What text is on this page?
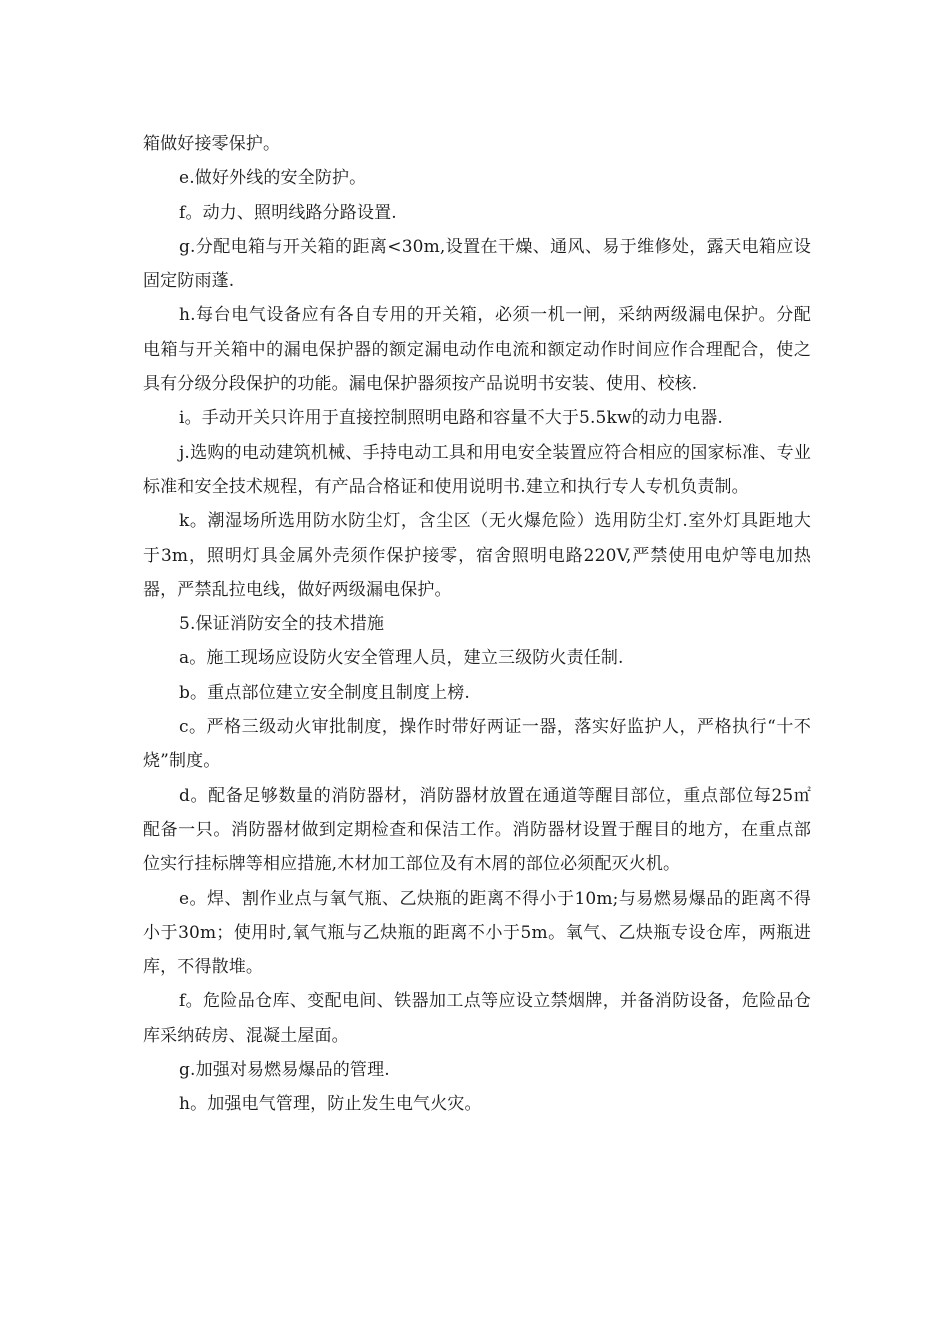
箱做好接零保护。

e.做好外线的安全防护。

f。动力、照明线路分路设置.

g.分配电箱与开关箱的距离<30m,设置在干燥、通风、易于维修处，露天电箱应设固定防雨蓬.

h.每台电气设备应有各自专用的开关箱，必须一机一闸，采纳两级漏电保护。分配电箱与开关箱中的漏电保护器的额定漏电动作电流和额定动作时间应作合理配合，使之具有分级分段保护的功能。漏电保护器须按产品说明书安装、使用、校核.

i。手动开关只许用于直接控制照明电路和容量不大于5.5kw的动力电器.

j.选购的电动建筑机械、手持电动工具和用电安全装置应符合相应的国家标准、专业标准和安全技术规程，有产品合格证和使用说明书.建立和执行专人专机负责制。

k。潮湿场所选用防水防尘灯，含尘区（无火爆危险）选用防尘灯.室外灯具距地大于3m，照明灯具金属外壳须作保护接零，宿舍照明电路220V,严禁使用电炉等电加热器，严禁乱拉电线，做好两级漏电保护。

5.保证消防安全的技术措施

a。施工现场应设防火安全管理人员，建立三级防火责任制.

b。重点部位建立安全制度且制度上榜.

c。严格三级动火审批制度，操作时带好两证一器，落实好监护人，严格执行“十不烧”制度。

d。配备足够数量的消防器材，消防器材放置在通道等醒目部位，重点部位每25㎡配备一只。消防器材做到定期检查和保洁工作。消防器材设置于醒目的地方，在重点部位实行挂标牌等相应措施,木材加工部位及有木屑的部位必须配灭火机。

e。焊、割作业点与氧气瓶、乙炔瓶的距离不得小于10m;与易燃易爆品的距离不得小于30m；使用时,氧气瓶与乙炔瓶的距离不小于5m。氧气、乙炔瓶专设仓库，两瓶进库，不得散堆。

f。危险品仓库、变配电间、铁器加工点等应设立禁烟牌，并备消防设备，危险品仓库采纳砖房、混凝土屋面。

g.加强对易燃易爆品的管理.

h。加强电气管理，防止发生电气火灾。
